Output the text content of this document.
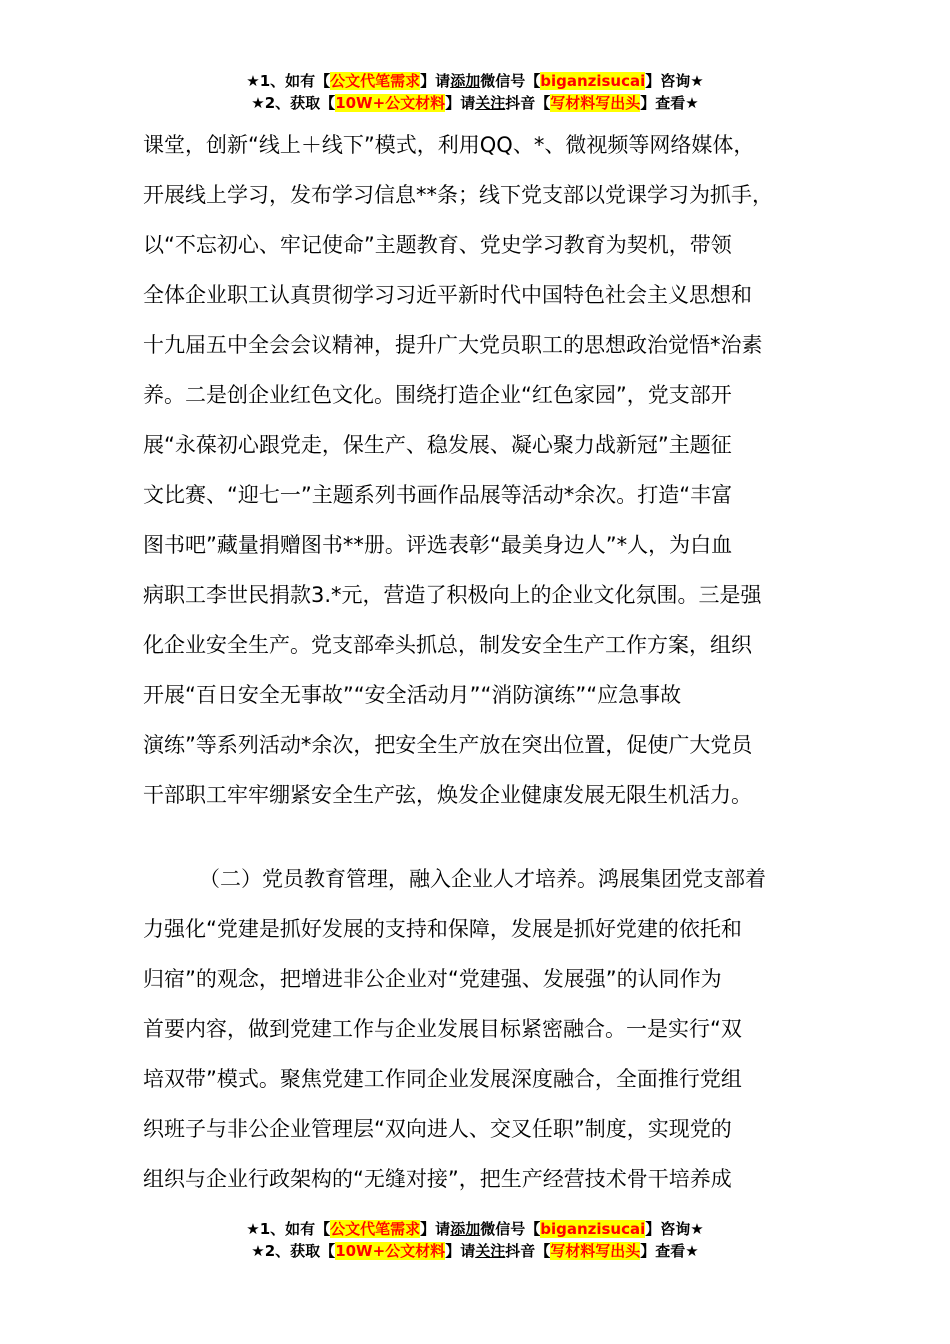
★1、如有【公文代笔需求】请添加微信号【biganzisucai】咨询★
★2、获取【10W+公文材料】请关注抖音【写材料写出头】查看★
课堂，创新“线上＋线下”模式，利用QQ、*、微视频等网络媒体，
开展线上学习，发布学习信息**条；线下党支部以党课学习为抓手，
以“不忘初心、牢记使命”主题教育、党史学习教育为契机，带领
全体企业职工认真贯彻学习习近平新时代中国特色社会主义思想和
十九届五中全会会议精神，提升广大党员职工的思想政治觉悟*治素
养。二是创企业红色文化。围绕打造企业“红色家园”，党支部开
展“永葆初心跟党走，保生产、稳发展、凝心聚力战新冠”主题征
文比赛、“迎七一”主题系列书画作品展等活动*余次。打造“丰富
图书吧”藏量捐赠图书**册。评选表彰“最美身边人”*人，为白血
病职工李世民捐款3.*元，营造了积极向上的企业文化氛围。三是强
化企业安全生产。党支部牵头抓总，制发安全生产工作方案，组织
开展“百日安全无事故”“安全活动月”“消防演练”“应急事故
演练”等系列活动*余次，把安全生产放在突出位置，促使广大党员
干部职工牢牢绷紧安全生产弦，焕发企业健康发展无限生机活力。
（二）党员教育管理，融入企业人才培养。鸿展集团党支部着
力强化“党建是抓好发展的支持和保障，发展是抓好党建的依托和
归宿”的观念，把增进非公企业对“党建强、发展强”的认同作为
首要内容，做到党建工作与企业发展目标紧密融合。一是实行“双
培双带”模式。聚焦党建工作同企业发展深度融合，全面推行党组
织班子与非公企业管理层“双向进人、交叉任职”制度，实现党的
组织与企业行政架构的“无缝对接”，把生产经营技术骨干培养成
★1、如有【公文代笔需求】请添加微信号【biganzisucai】咨询★
★2、获取【10W+公文材料】请关注抖音【写材料写出头】查看★
